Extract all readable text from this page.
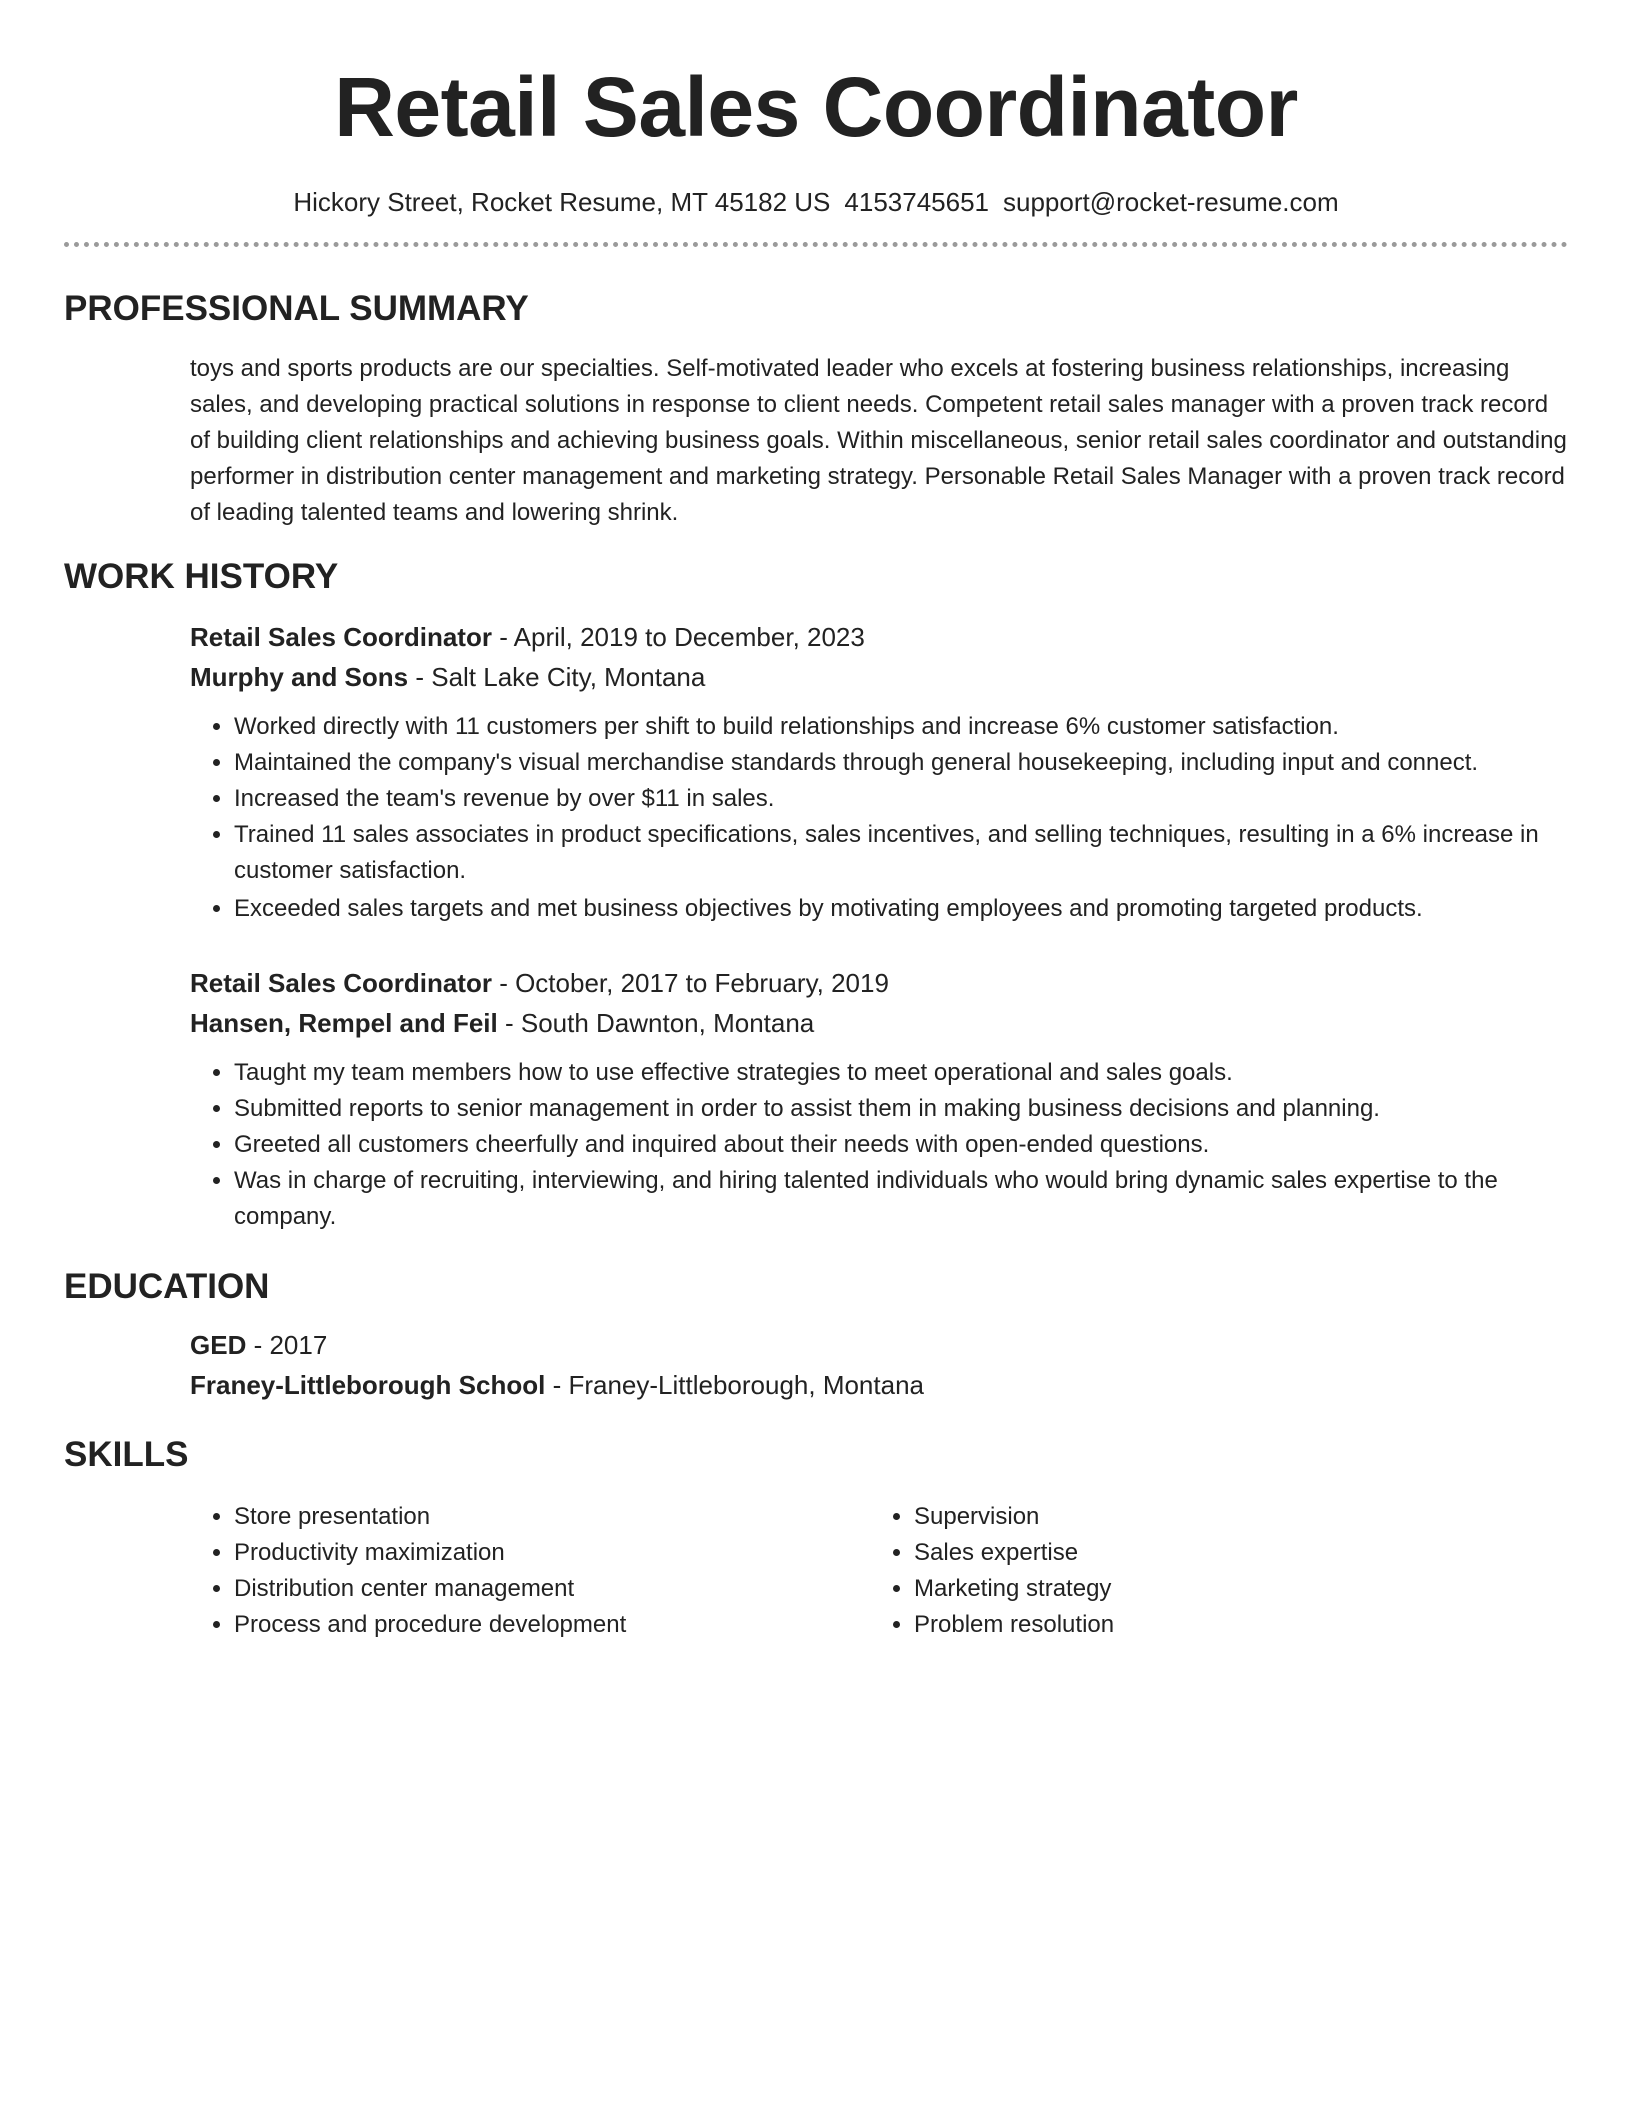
Retail Sales Coordinator
Hickory Street, Rocket Resume, MT 45182 US 4153745651 support@rocket-resume.com
PROFESSIONAL SUMMARY

toys and sports products are our specialties. Self-motivated leader who excels at fostering business relationships, increasing sales, and developing practical solutions in response to client needs. Competent retail sales manager with a proven track record of building client relationships and achieving business goals. Within miscellaneous, senior retail sales coordinator and outstanding performer in distribution center management and marketing strategy. Personable Retail Sales Manager with a proven track record of leading talented teams and lowering shrink.

WORK HISTORY
Retail Sales Coordinator - April, 2019 to December, 2023
Murphy and Sons - Salt Lake City, Montana
• Worked directly with 11 customers per shift to build relationships and increase 6% customer satisfaction.
• Maintained the company's visual merchandise standards through general housekeeping, including input and connect.
• Increased the team's revenue by over $11 in sales.
• Trained 11 sales associates in product specifications, sales incentives, and selling techniques, resulting in a 6% increase in customer satisfaction.
• Exceeded sales targets and met business objectives by motivating employees and promoting targeted products.
Retail Sales Coordinator - October, 2017 to February, 2019
Hansen, Rempel and Feil - South Dawnton, Montana
• Taught my team members how to use effective strategies to meet operational and sales goals.
• Submitted reports to senior management in order to assist them in making business decisions and planning.
• Greeted all customers cheerfully and inquired about their needs with open-ended questions.
• Was in charge of recruiting, interviewing, and hiring talented individuals who would bring dynamic sales expertise to the company.
EDUCATION
GED - 2017
Franey-Littleborough School - Franey-Littleborough, Montana
SKILLS
• Store presentation
• Productivity maximization
• Distribution center management
• Process and procedure development
• Supervision
• Sales expertise
• Marketing strategy
• Problem resolution
